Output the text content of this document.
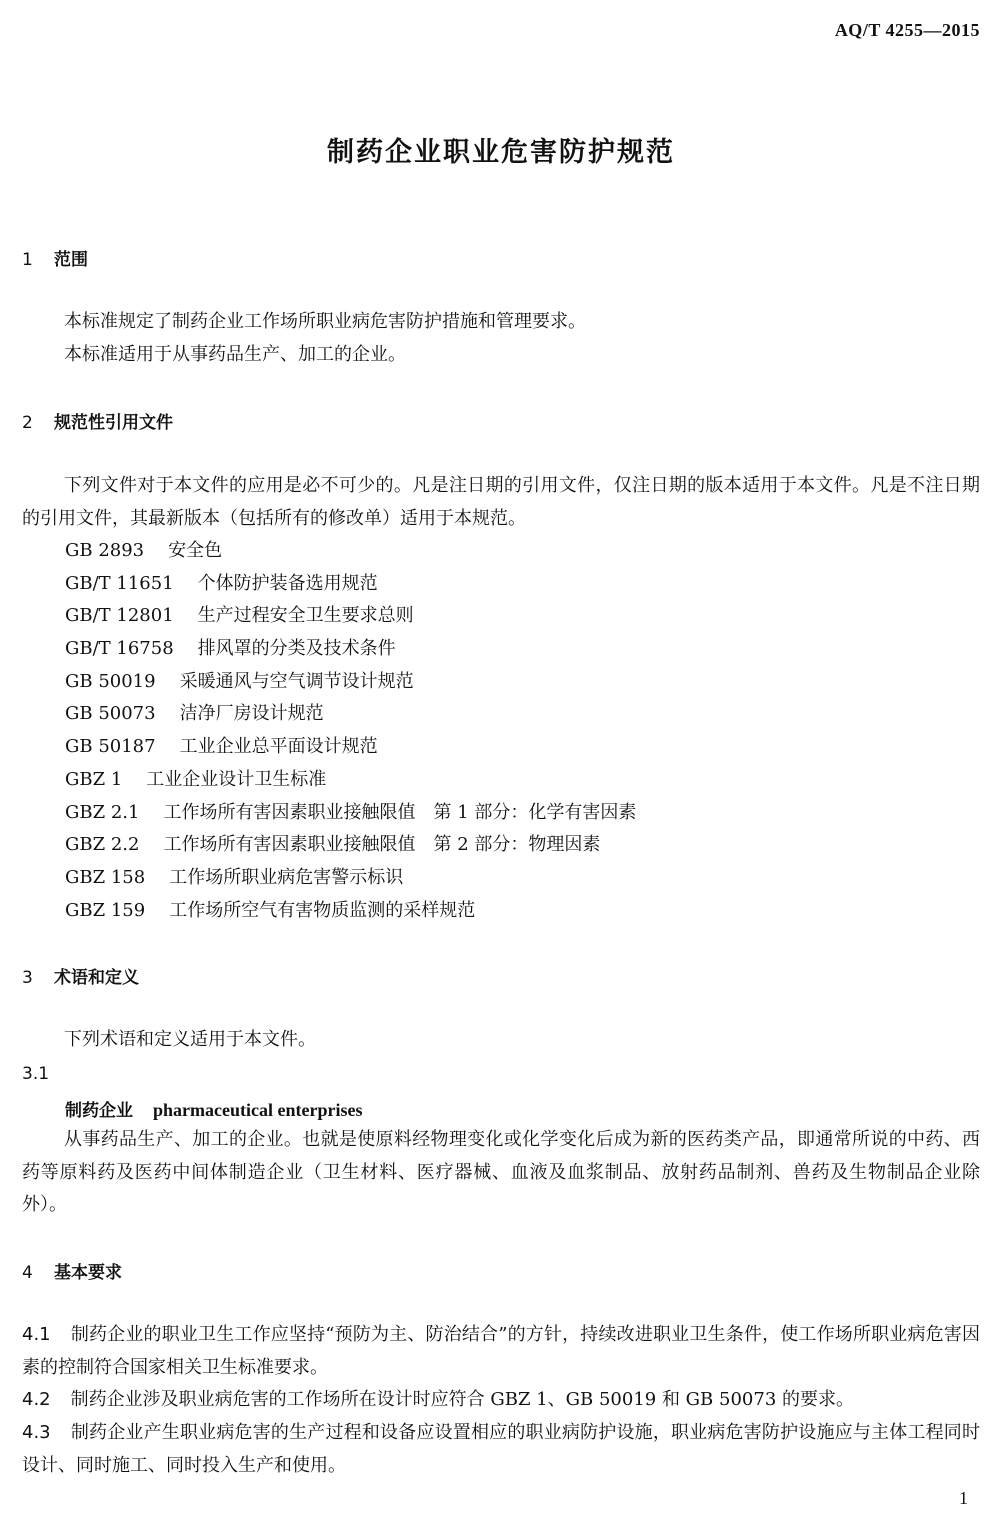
AQ/T 4255—2015
制药企业职业危害防护规范
1 范围

本标准规定了制药企业工作场所职业病危害防护措施和管理要求。

本标准适用于从事药品生产、加工的企业。

2 规范性引用文件

下列文件对于本文件的应用是必不可少的。凡是注日期的引用文件，仅注日期的版本适用于本文件。凡是不注日期的引用文件，其最新版本（包括所有的修改单）适用于本规范。

GB 2893 安全色
GB/T 11651 个体防护装备选用规范
GB/T 12801 生产过程安全卫生要求总则
GB/T 16758 排风罩的分类及技术条件
GB 50019 采暖通风与空气调节设计规范
GB 50073 洁净厂房设计规范
GB 50187 工业企业总平面设计规范
GBZ 1 工业企业设计卫生标准
GBZ 2.1 工作场所有害因素职业接触限值　第 1 部分：化学有害因素
GBZ 2.2 工作场所有害因素职业接触限值　第 2 部分：物理因素
GBZ 158 工作场所职业病危害警示标识
GBZ 159 工作场所空气有害物质监测的采样规范
3 术语和定义

下列术语和定义适用于本文件。

3.1

制药企业 pharmaceutical enterprises

从事药品生产、加工的企业。也就是使原料经物理变化或化学变化后成为新的医药类产品，即通常所说的中药、西药等原料药及医药中间体制造企业（卫生材料、医疗器械、血液及血浆制品、放射药品制剂、兽药及生物制品企业除外）。

4 基本要求

4.1 制药企业的职业卫生工作应坚持“预防为主、防治结合”的方针，持续改进职业卫生条件，使工作场所职业病危害因素的控制符合国家相关卫生标准要求。

4.2 制药企业涉及职业病危害的工作场所在设计时应符合 GBZ 1、GB 50019 和 GB 50073 的要求。

4.3 制药企业产生职业病危害的生产过程和设备应设置相应的职业病防护设施，职业病危害防护设施应与主体工程同时设计、同时施工、同时投入生产和使用。

1
